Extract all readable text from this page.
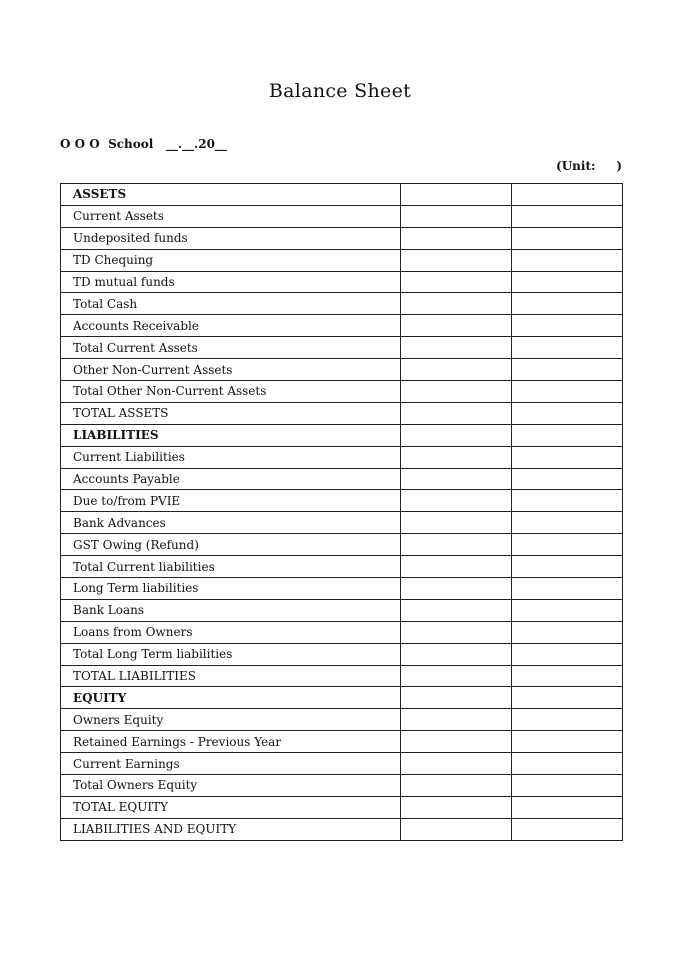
Balance Sheet
O O O  School   __.__.20__
(Unit:     )
ASSETS		
Current Assets		
Undeposited funds		
TD Chequing		
TD mutual funds		
Total Cash		
Accounts Receivable		
Total Current Assets		
Other Non-Current Assets		
Total Other Non-Current Assets		
TOTAL ASSETS		
LIABILITIES		
Current Liabilities		
Accounts Payable		
Due to/from PVIE		
Bank Advances		
GST Owing (Refund)		
Total Current liabilities		
Long Term liabilities		
Bank Loans		
Loans from Owners		
Total Long Term liabilities		
TOTAL LIABILITIES		
EQUITY		
Owners Equity		
Retained Earnings - Previous Year		
Current Earnings		
Total Owners Equity		
TOTAL EQUITY		
LIABILITIES AND EQUITY		
